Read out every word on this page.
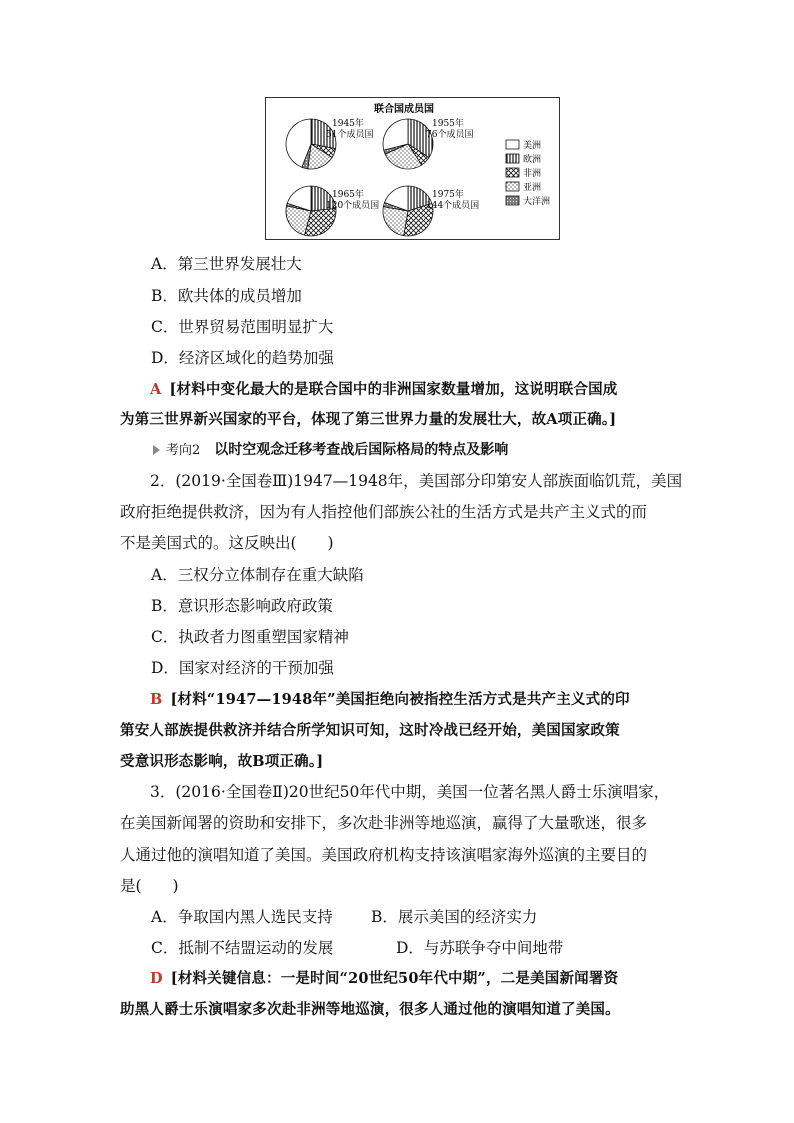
联合国成员国
1945年
51个成员国
1955年
76个成员国
1965年
120个成员国
1975年
144个成员国
美洲
欧洲
非洲
亚洲
大洋洲
A．第三世界发展壮大
B．欧共体的成员增加
C．世界贸易范围明显扩大
D．经济区域化的趋势加强
A [材料中变化最大的是联合国中的非洲国家数量增加，这说明联合国成
为第三世界新兴国家的平台，体现了第三世界力量的发展壮大，故A项正确。]
考向2 以时空观念迁移考查战后国际格局的特点及影响
2．(2019·全国卷Ⅲ)1947—1948年，美国部分印第安人部族面临饥荒，美国
政府拒绝提供救济，因为有人指控他们部族公社的生活方式是共产主义式的而
不是美国式的。这反映出(　　)
A．三权分立体制存在重大缺陷
B．意识形态影响政府政策
C．执政者力图重塑国家精神
D．国家对经济的干预加强
B [材料“1947—1948年”美国拒绝向被指控生活方式是共产主义式的印
第安人部族提供救济并结合所学知识可知，这时冷战已经开始，美国国家政策
受意识形态影响，故B项正确。]
3．(2016·全国卷Ⅱ)20世纪50年代中期，美国一位著名黑人爵士乐演唱家，
在美国新闻署的资助和安排下，多次赴非洲等地巡演，赢得了大量歌迷，很多
人通过他的演唱知道了美国。美国政府机构支持该演唱家海外巡演的主要目的
是(　　)
A．争取国内黑人选民支持 B．展示美国的经济实力
C．抵制不结盟运动的发展	D．与苏联争夺中间地带
D [材料关键信息：一是时间“20世纪50年代中期”，二是美国新闻署资
助黑人爵士乐演唱家多次赴非洲等地巡演，很多人通过他的演唱知道了美国。
